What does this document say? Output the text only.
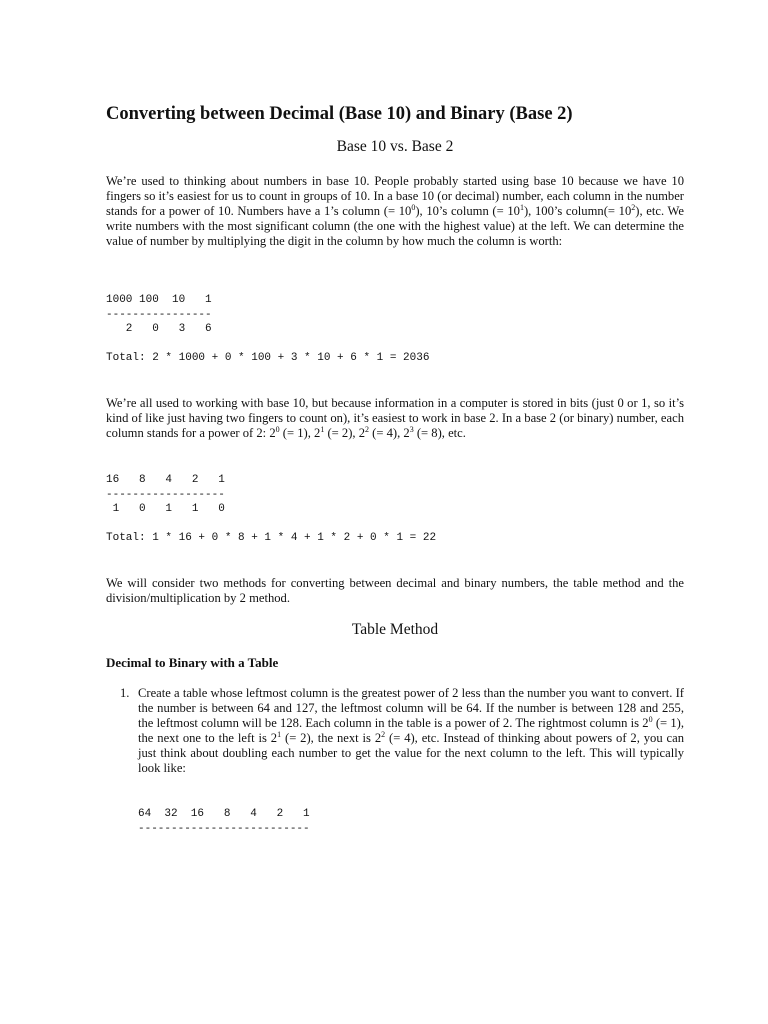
Converting between Decimal (Base 10) and Binary (Base 2)
Base 10 vs. Base 2
We’re used to thinking about numbers in base 10. People probably started using base 10 because we have 10 fingers so it’s easiest for us to count in groups of 10. In a base 10 (or decimal) number, each column in the number stands for a power of 10. Numbers have a 1’s column (= $10^0$), 10’s column (= $10^1$), 100’s column(= $10^2$), etc. We write numbers with the most significant column (the one with the highest value) at the left. We can determine the value of number by multiplying the digit in the column by how much the column is worth:
1000 100  10   1
----------------
2   0   3   6

Total: 2 * 1000 + 0 * 100 + 3 * 10 + 6 * 1 = 2036
We’re all used to working with base 10, but because information in a computer is stored in bits (just 0 or 1, so it’s kind of like just having two fingers to count on), it’s easiest to work in base 2. In a base 2 (or binary) number, each column stands for a power of 2: $2^0$ (= 1), $2^1$ (= 2), $2^2$ (= 4), $2^3$ (= 8), etc.
16   8   4   2   1
------------------
1   0   1   1   0

Total: 1 * 16 + 0 * 8 + 1 * 4 + 1 * 2 + 0 * 1 = 22
We will consider two methods for converting between decimal and binary numbers, the table method and the division/multiplication by 2 method.
Table Method
Decimal to Binary with a Table
1. Create a table whose leftmost column is the greatest power of 2 less than the number you want to convert. If the number is between 64 and 127, the leftmost column will be 64. If the number is between 128 and 255, the leftmost column will be 128. Each column in the table is a power of 2. The rightmost column is $2^0$ (= 1), the next one to the left is $2^1$ (= 2), the next is $2^2$ (= 4), etc. Instead of thinking about powers of 2, you can just think about doubling each number to get the value for the next column to the left. This will typically look like:
64  32  16   8   4   2   1
--------------------------
